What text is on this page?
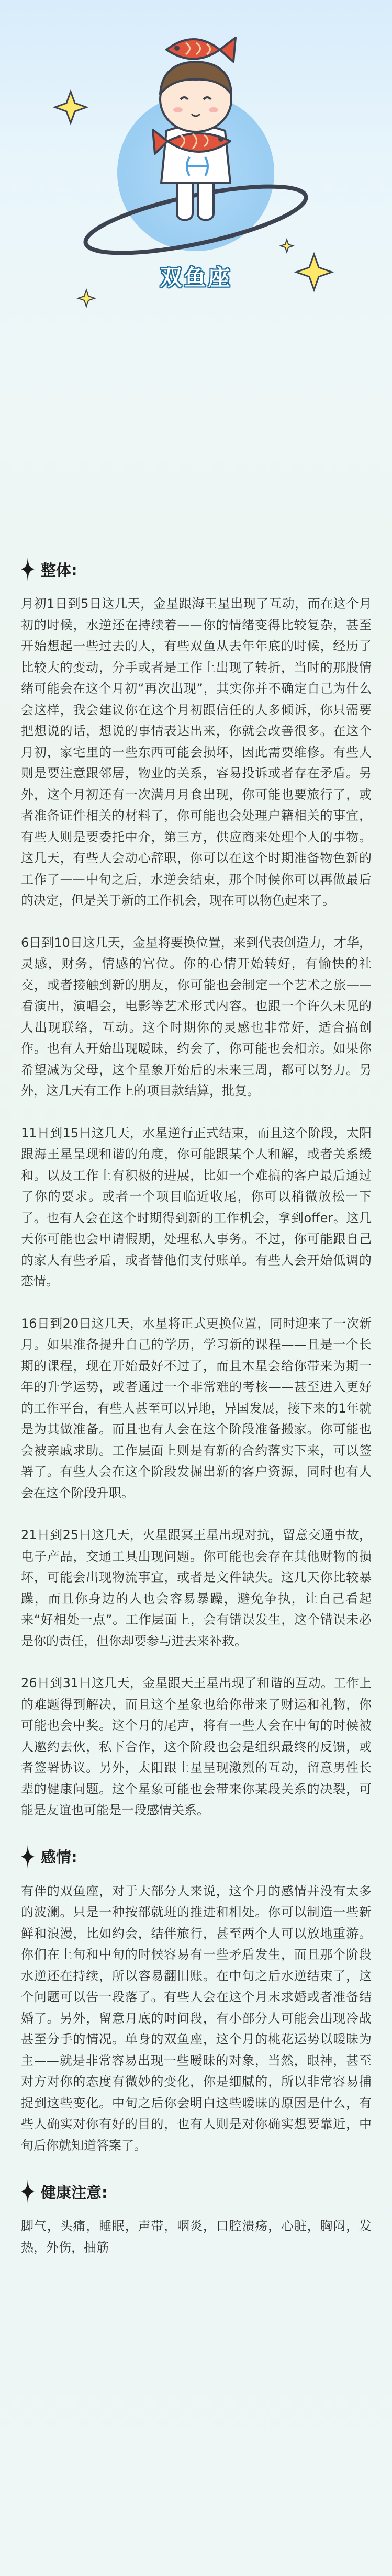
双鱼座
整体:

月初1日到5日这几天，金星跟海王星出现了互动，而在这个月初的时候，水逆还在持续着——你的情绪变得比较复杂，甚至开始想起一些过去的人，有些双鱼从去年年底的时候，经历了比较大的变动，分手或者是工作上出现了转折，当时的那股情绪可能会在这个月初“再次出现”，其实你并不确定自己为什么会这样，我会建议你在这个月初跟信任的人多倾诉，你只需要把想说的话，想说的事情表达出来，你就会改善很多。在这个月初，家宅里的一些东西可能会损坏，因此需要维修。有些人则是要注意跟邻居，物业的关系，容易投诉或者存在矛盾。另外，这个月初还有一次满月月食出现，你可能也要旅行了，或者准备证件相关的材料了，你可能也会处理户籍相关的事宜，有些人则是要委托中介，第三方，供应商来处理个人的事物。这几天，有些人会动心辞职，你可以在这个时期准备物色新的工作了——中旬之后，水逆会结束，那个时候你可以再做最后的决定，但是关于新的工作机会，现在可以物色起来了。

6日到10日这几天，金星将要换位置，来到代表创造力，才华，灵感，财务，情感的宫位。你的心情开始转好，有愉快的社交，或者接触到新的朋友，你可能也会制定一个艺术之旅——看演出，演唱会，电影等艺术形式内容。也跟一个许久未见的人出现联络，互动。这个时期你的灵感也非常好，适合搞创作。也有人开始出现暧昧，约会了，你可能也会相亲。如果你希望减为父母，这个星象开始后的未来三周，都可以努力。另外，这几天有工作上的项目款结算，批复。

11日到15日这几天，水星逆行正式结束，而且这个阶段，太阳跟海王星呈现和谐的角度，你可能跟某个人和解，或者关系缓和。以及工作上有积极的进展，比如一个难搞的客户最后通过了你的要求。或者一个项目临近收尾，你可以稍微放松一下了。也有人会在这个时期得到新的工作机会，拿到offer。这几天你可能也会申请假期，处理私人事务。不过，你可能跟自己的家人有些矛盾，或者替他们支付账单。有些人会开始低调的恋情。

16日到20日这几天，水星将正式更换位置，同时迎来了一次新月。如果准备提升自己的学历，学习新的课程——且是一个长期的课程，现在开始最好不过了，而且木星会给你带来为期一年的升学运势，或者通过一个非常难的考核——甚至进入更好的工作平台，有些人甚至可以异地，异国发展，接下来的1年就是为其做准备。而且也有人会在这个阶段准备搬家。你可能也会被亲戚求助。工作层面上则是有新的合约落实下来，可以签署了。有些人会在这个阶段发掘出新的客户资源，同时也有人会在这个阶段升职。

21日到25日这几天，火星跟冥王星出现对抗，留意交通事故，电子产品，交通工具出现问题。你可能也会存在其他财物的损坏，可能会出现物流事宜，或者是文件缺失。这几天你比较暴躁，而且你身边的人也会容易暴躁，避免争执，让自己看起来“好相处一点”。工作层面上，会有错误发生，这个错误未必是你的责任，但你却要参与进去来补救。

26日到31日这几天，金星跟天王星出现了和谐的互动。工作上的难题得到解决，而且这个星象也给你带来了财运和礼物，你可能也会中奖。这个月的尾声，将有一些人会在中旬的时候被人邀约去伙，私下合作，这个阶段也会是组织最终的反馈，或者签署协议。另外，太阳跟土星呈现激烈的互动，留意男性长辈的健康问题。这个星象可能也会带来你某段关系的决裂，可能是友谊也可能是一段感情关系。

感情:

有伴的双鱼座，对于大部分人来说，这个月的感情并没有太多的波澜。只是一种按部就班的推进和相处。你可以制造一些新鲜和浪漫，比如约会，结伴旅行，甚至两个人可以放地重游。你们在上旬和中旬的时候容易有一些矛盾发生，而且那个阶段水逆还在持续，所以容易翻旧账。在中旬之后水逆结束了，这个问题可以告一段落了。有些人会在这个月末求婚或者准备结婚了。另外，留意月底的时间段，有小部分人可能会出现冷战甚至分手的情况。单身的双鱼座，这个月的桃花运势以暧昧为主——就是非常容易出现一些暧昧的对象，当然，眼神，甚至对方对你的态度有微妙的变化，你是细腻的，所以非常容易捕捉到这些变化。中旬之后你会明白这些暧昧的原因是什么，有些人确实对你有好的目的，也有人则是对你确实想要靠近，中旬后你就知道答案了。

健康注意:

脚气，头痛，睡眠，声带，咽炎，口腔溃疡，心脏，胸闷，发热，外伤，抽筋
